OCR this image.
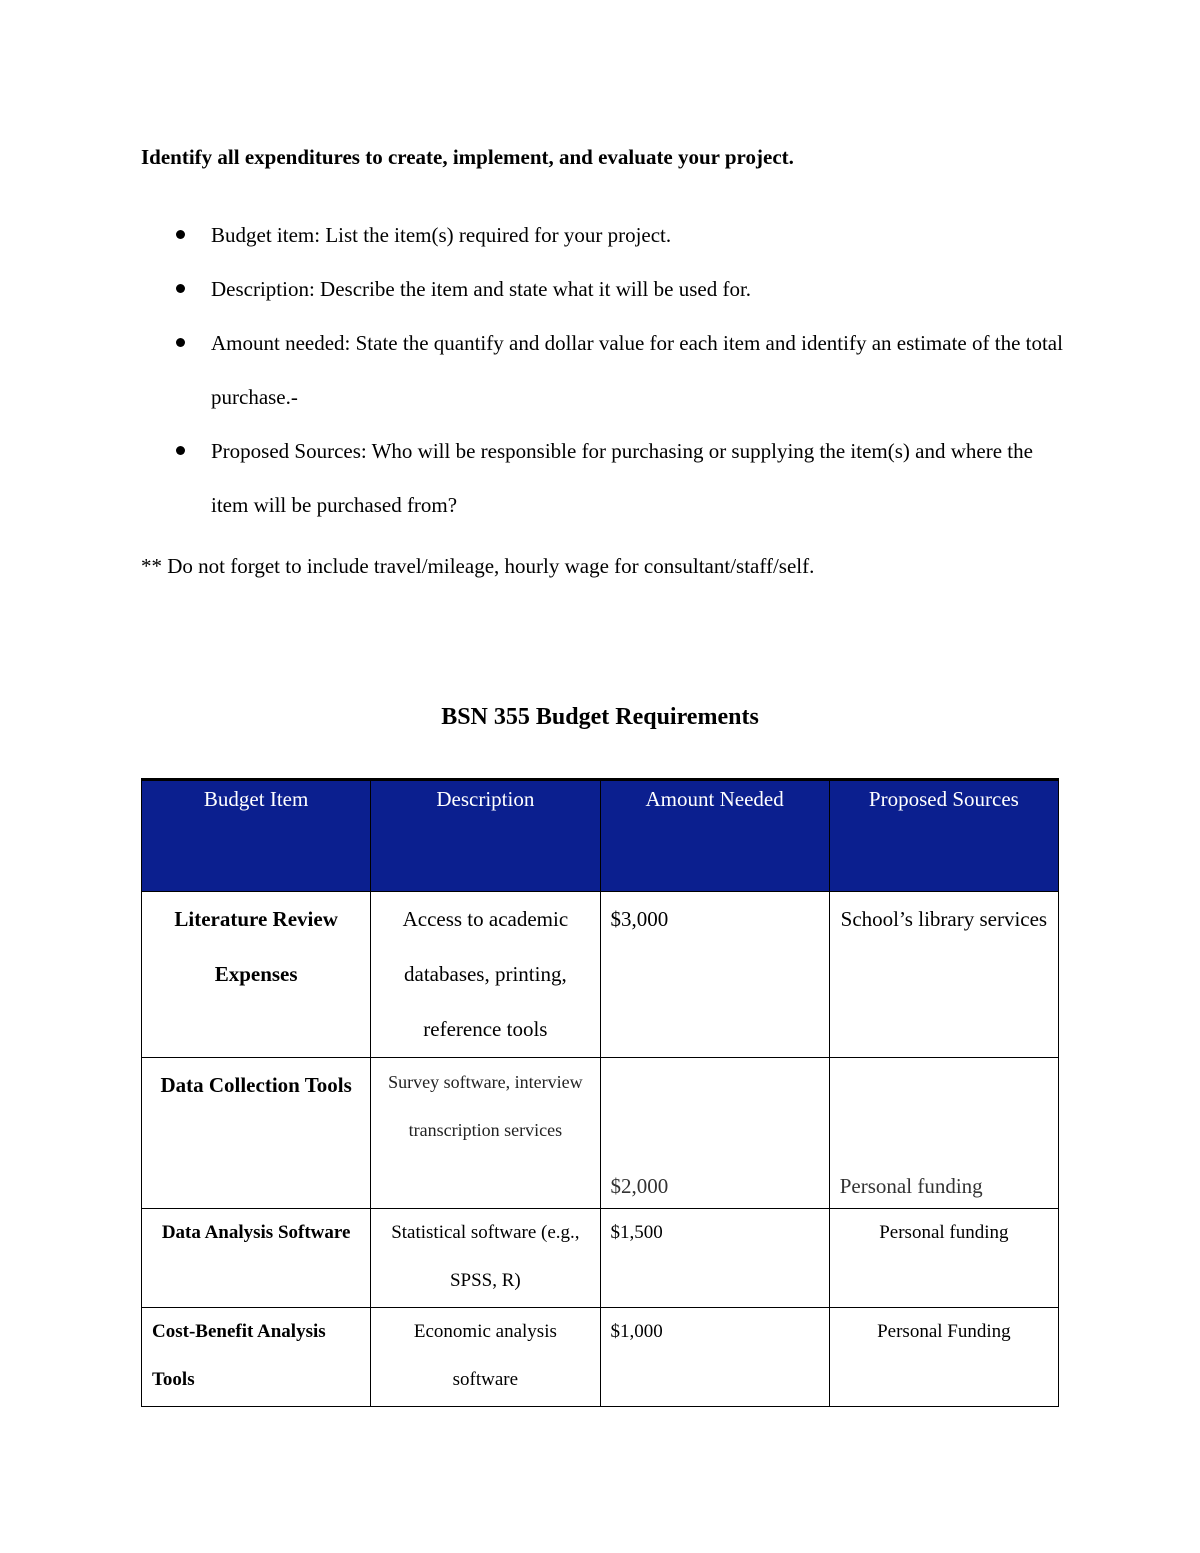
Identify all expenditures to create, implement, and evaluate your project.

Budget item: List the item(s) required for your project.
Description: Describe the item and state what it will be used for.
Amount needed: State the quantify and dollar value for each item and identify an estimate of the total purchase.-
Proposed Sources: Who will be responsible for purchasing or supplying the item(s) and where the item will be purchased from?

** Do not forget to include travel/mileage, hourly wage for consultant/staff/self.

BSN 355 Budget Requirements
Budget Item	Description	Amount Needed	Proposed Sources
Literature Review Expenses	Access to academic databases, printing, reference tools	$3,000	School’s library services
Data Collection Tools	Survey software, interview transcription services	$2,000	Personal funding
Data Analysis Software	Statistical software (e.g., SPSS, R)	$1,500	Personal funding
Cost-Benefit Analysis Tools	Economic analysis software	$1,000	Personal Funding
